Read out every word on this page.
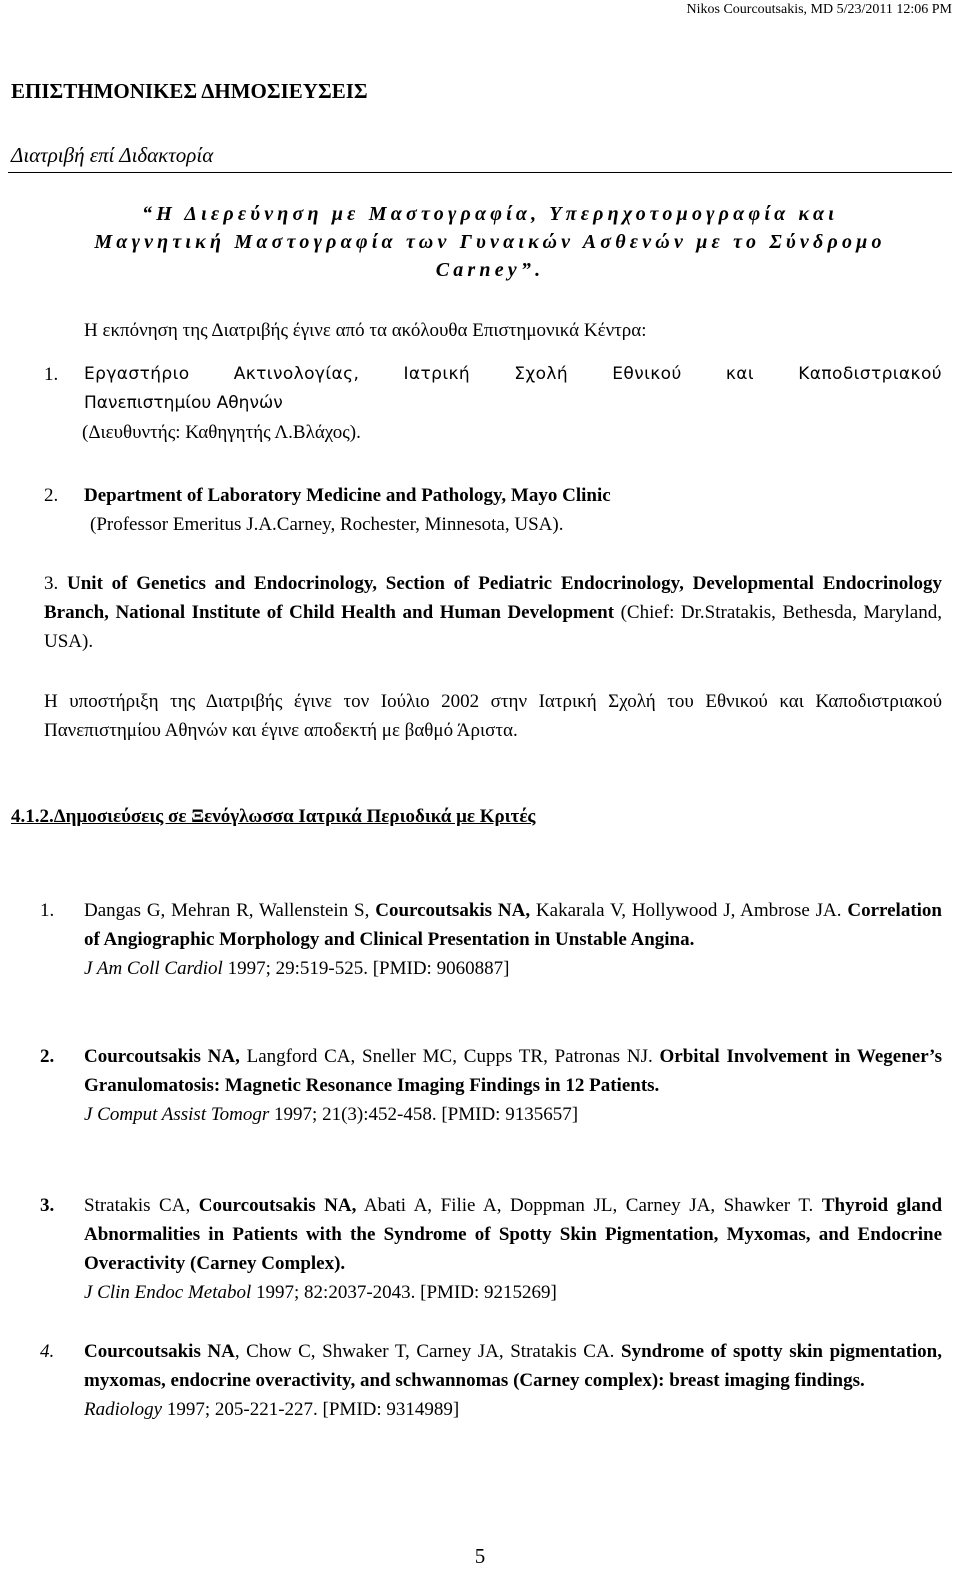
Nikos Courcoutsakis, MD 5/23/2011 12:06 PM
ΕΠΙΣΤΗΜΟΝΙΚΕΣ ΔΗΜΟΣΙΕΥΣΕΙΣ
Διατριβή επί Διδακτορία
“Η Διερεύνηση με Μαστογραφία, Υπερηχοτομογραφία και
Μαγνητική Μαστογραφία των Γυναικών Ασθενών με το Σύνδρομο
Carney”.
Η εκπόνηση της Διατριβής έγινε από τα ακόλουθα Επιστημονικά Κέντρα:
1.	Εργαστήριο Ακτινολογίας, Ιατρική Σχολή Εθνικού και Καποδιστριακού
Πανεπιστημίου Αθηνών
(Διευθυντής: Καθηγητής Λ.Βλάχος).
2.	Department of Laboratory Medicine and Pathology, Mayo Clinic
(Professor Emeritus J.A.Carney, Rochester, Minnesota, USA).
3. Unit of Genetics and Endocrinology, Section of Pediatric Endocrinology, Developmental Endocrinology Branch, National Institute of Child Health and Human Development (Chief: Dr.Stratakis, Bethesda, Maryland, USA).
Η υποστήριξη της Διατριβής έγινε τον Ιούλιο 2002 στην Ιατρική Σχολή του Εθνικού και Καποδιστριακού Πανεπιστημίου Αθηνών και έγινε αποδεκτή με βαθμό Άριστα.
4.1.2.Δημοσιεύσεις σε Ξενόγλωσσα Ιατρικά Περιοδικά με Κριτές
1.	Dangas G, Mehran R, Wallenstein S, Courcoutsakis NA, Kakarala V, Hollywood J, Ambrose JA. Correlation of Angiographic Morphology and Clinical Presentation in Unstable Angina.
J Am Coll Cardiol 1997; 29:519-525. [PMID: 9060887]
2.	Courcoutsakis NA, Langford CA, Sneller MC, Cupps TR, Patronas NJ. Orbital Involvement in Wegener’s Granulomatosis: Magnetic Resonance Imaging Findings in 12 Patients.
J Comput Assist Tomogr 1997; 21(3):452-458. [PMID: 9135657]
3.	Stratakis CA, Courcoutsakis NA, Abati A, Filie A, Doppman JL, Carney JA, Shawker T. Thyroid gland Abnormalities in Patients with the Syndrome of Spotty Skin Pigmentation, Myxomas, and Endocrine Overactivity (Carney Complex).
J Clin Endoc Metabol 1997; 82:2037-2043. [PMID: 9215269]
4.	Courcoutsakis NA, Chow C, Shwaker T, Carney JA, Stratakis CA. Syndrome of spotty skin pigmentation, myxomas, endocrine overactivity, and schwannomas (Carney complex): breast imaging findings.
Radiology 1997; 205-221-227. [PMID: 9314989]
5
